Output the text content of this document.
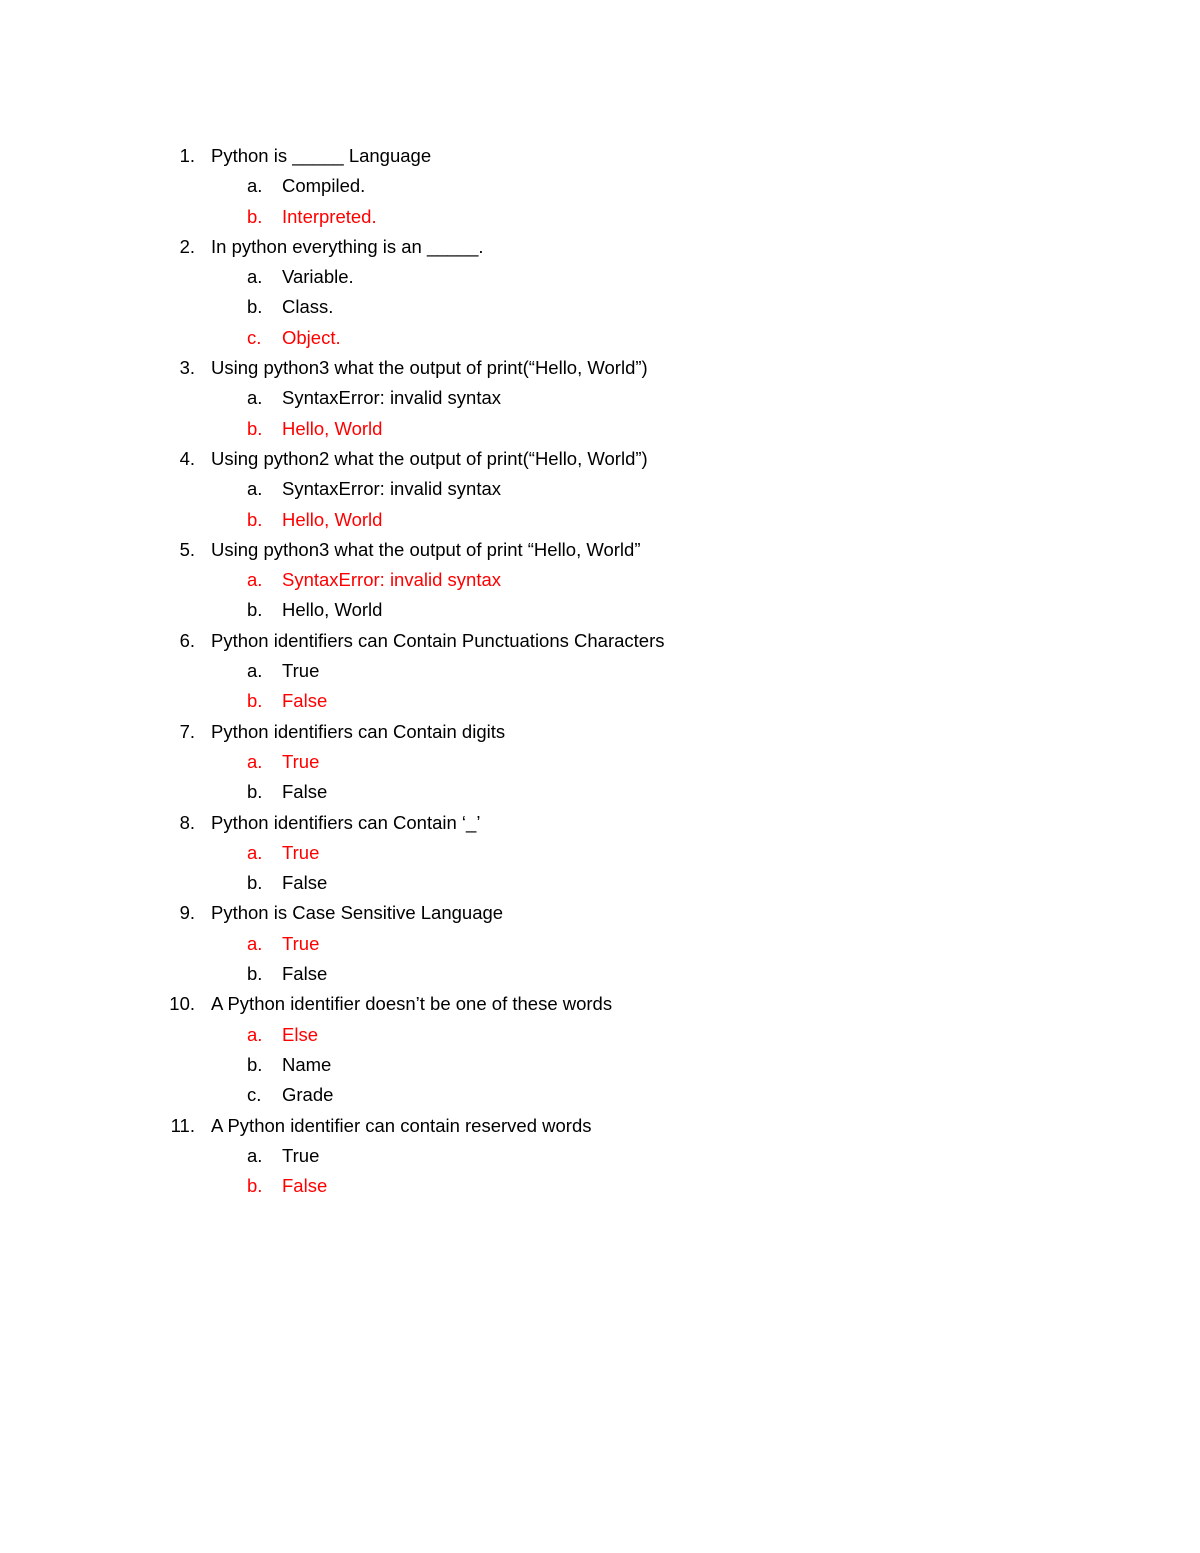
1. Python is _____ Language
a. Compiled.
b. Interpreted.
2. In python everything is an _____.
a. Variable.
b. Class.
c. Object.
3. Using python3 what the output of print(“Hello, World”)
a. SyntaxError: invalid syntax
b. Hello, World
4. Using python2 what the output of print(“Hello, World”)
a. SyntaxError: invalid syntax
b. Hello, World
5. Using python3 what the output of print “Hello, World”
a. SyntaxError: invalid syntax
b. Hello, World
6. Python identifiers can Contain Punctuations Characters
a. True
b. False
7. Python identifiers can Contain digits
a. True
b. False
8. Python identifiers can Contain ‘_’
a. True
b. False
9. Python is Case Sensitive Language
a. True
b. False
10. A Python identifier doesn’t be one of these words
a. Else
b. Name
c. Grade
11. A Python identifier can contain reserved words
a. True
b. False
